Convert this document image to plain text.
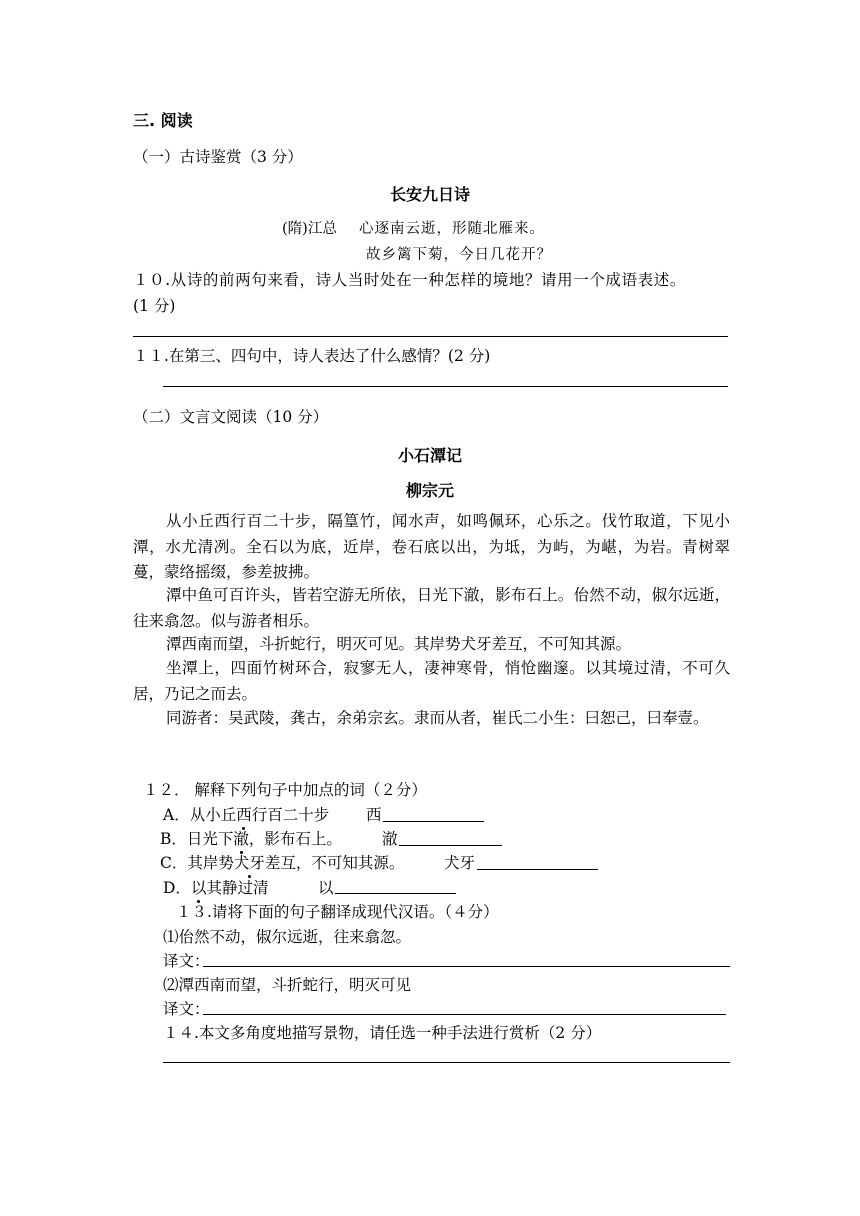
三. 阅读
（一）古诗鉴赏（3 分）
长安九日诗
(隋)江总 心逐南云逝，形随北雁来。
故乡篱下菊，今日几花开？
１０.从诗的前两句来看，诗人当时处在一种怎样的境地？请用一个成语表述。
(1 分)
１１.在第三、四句中，诗人表达了什么感情？(2 分)
（二）文言文阅读（10 分）
小石潭记
柳宗元
从小丘西行百二十步，隔篁竹，闻水声，如鸣佩环，心乐之。伐竹取道，下见小潭，水尤清冽。全石以为底，近岸，卷石底以出，为坻，为屿，为嵁，为岩。青树翠蔓，蒙络摇缀，参差披拂。
潭中鱼可百许头，皆若空游无所依，日光下澈，影布石上。佁然不动，俶尔远逝，往来翕忽。似与游者相乐。
潭西南而望，斗折蛇行，明灭可见。其岸势犬牙差互，不可知其源。
坐潭上，四面竹树环合，寂寥无人，凄神寒骨，悄怆幽邃。以其境过清，不可久居，乃记之而去。
同游者：吴武陵，龚古，余弟宗玄。隶而从者，崔氏二小生：曰恕己，曰奉壹。
１２． 解释下列句子中加点的词（２分）
A．从小丘西行百二十步 西
B．日光下澈，影布石上。	澈
C．其岸势犬牙差互，不可知其源。	犬牙
D．以其静过清	以
１３.请将下面的句子翻译成现代汉语。（４分）
⑴佁然不动，俶尔远逝，往来翕忽。
译文：
⑵潭西南而望，斗折蛇行，明灭可见
译文：
１４.本文多角度地描写景物，请任选一种手法进行赏析（2 分）
